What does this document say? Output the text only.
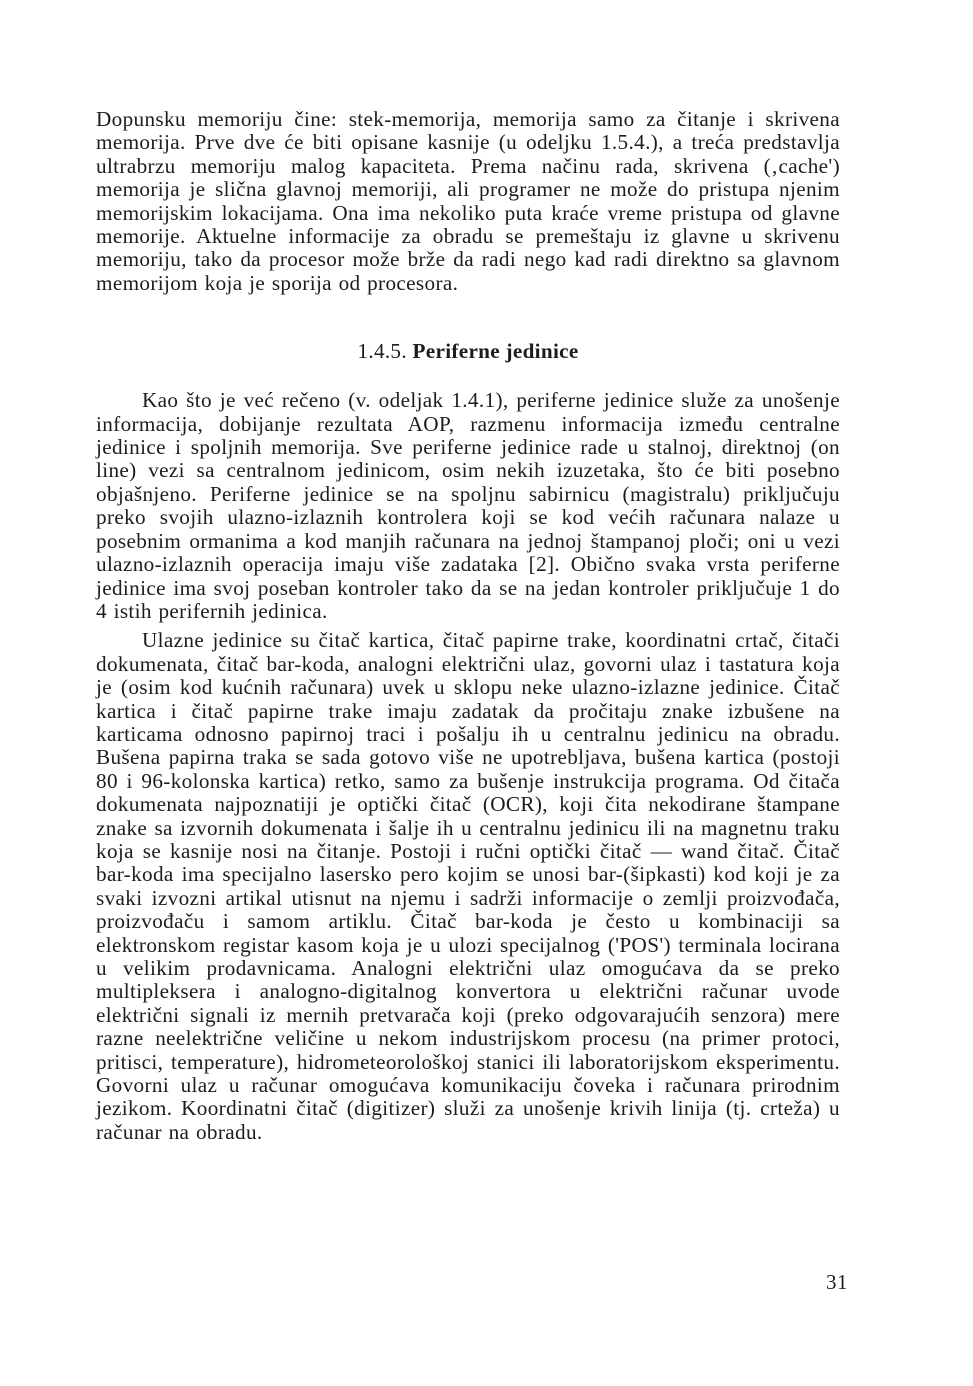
Dopunsku memoriju čine: stek-memorija, memorija samo za čitanje i skrivena memorija. Prve dve će biti opisane kasnije (u odeljku 1.5.4.), a treća predstavlja ultrabrzu memoriju malog kapaciteta. Prema načinu rada, skrivena (‚cache') memorija je slična glavnoj memoriji, ali programer ne može do pristupa njenim memorijskim lokacijama. Ona ima nekoliko puta kraće vreme pristupa od glavne memorije. Aktuelne informacije za obradu se premeštaju iz glavne u skrivenu memoriju, tako da procesor može brže da radi nego kad radi direktno sa glavnom memorijom koja je sporija od procesora.

1.4.5. Periferne jedinice

Kao što je već rečeno (v. odeljak 1.4.1), periferne jedinice služe za unošenje informacija, dobijanje rezultata AOP, razmenu informacija između centralne jedinice i spoljnih memorija. Sve periferne jedinice rade u stalnoj, direktnoj (on line) vezi sa centralnom jedinicom, osim nekih izuzetaka, što će biti posebno objašnjeno. Periferne jedinice se na spoljnu sabirnicu (magistralu) priključuju preko svojih ulazno-izlaznih kontrolera koji se kod većih računara nalaze u posebnim ormanima a kod manjih računara na jednoj štampanoj ploči; oni u vezi ulazno-izlaznih operacija imaju više zadataka [2]. Obično svaka vrsta periferne jedinice ima svoj poseban kontroler tako da se na jedan kontroler priključuje 1 do 4 istih perifernih jedinica.

Ulazne jedinice su čitač kartica, čitač papirne trake, koordinatni crtač, čitači dokumenata, čitač bar-koda, analogni električni ulaz, govorni ulaz i tastatura koja je (osim kod kućnih računara) uvek u sklopu neke ulazno-izlazne jedinice. Čitač kartica i čitač papirne trake imaju zadatak da pročitaju znake izbušene na karticama odnosno papirnoj traci i pošalju ih u centralnu jedinicu na obradu. Bušena papirna traka se sada gotovo više ne upotrebljava, bušena kartica (postoji 80 i 96-kolonska kartica) retko, samo za bušenje instrukcija programa. Od čitača dokumenata najpoznatiji je optički čitač (OCR), koji čita nekodirane štampane znake sa izvornih dokumenata i šalje ih u centralnu jedinicu ili na magnetnu traku koja se kasnije nosi na čitanje. Postoji i ručni optički čitač — wand čitač. Čitač bar-koda ima specijalno lasersko pero kojim se unosi bar-(šipkasti) kod koji je za svaki izvozni artikal utisnut na njemu i sadrži informacije o zemlji proizvođača, proizvođaču i samom artiklu. Čitač bar-koda je često u kombinaciji sa elektronskom registar kasom koja je u ulozi specijalnog ('POS') terminala locirana u velikim prodavnicama. Analogni električni ulaz omogućava da se preko multipleksera i analogno-digitalnog konvertora u električni računar uvode električni signali iz mernih pretvarača koji (preko odgovarajućih senzora) mere razne neelektrične veličine u nekom industrijskom procesu (na primer protoci, pritisci, temperature), hidrometeorološkoj stanici ili laboratorijskom eksperimentu. Govorni ulaz u računar omogućava komunikaciju čoveka i računara prirodnim jezikom. Koordinatni čitač (digitizer) služi za unošenje krivih linija (tj. crteža) u računar na obradu.

31
